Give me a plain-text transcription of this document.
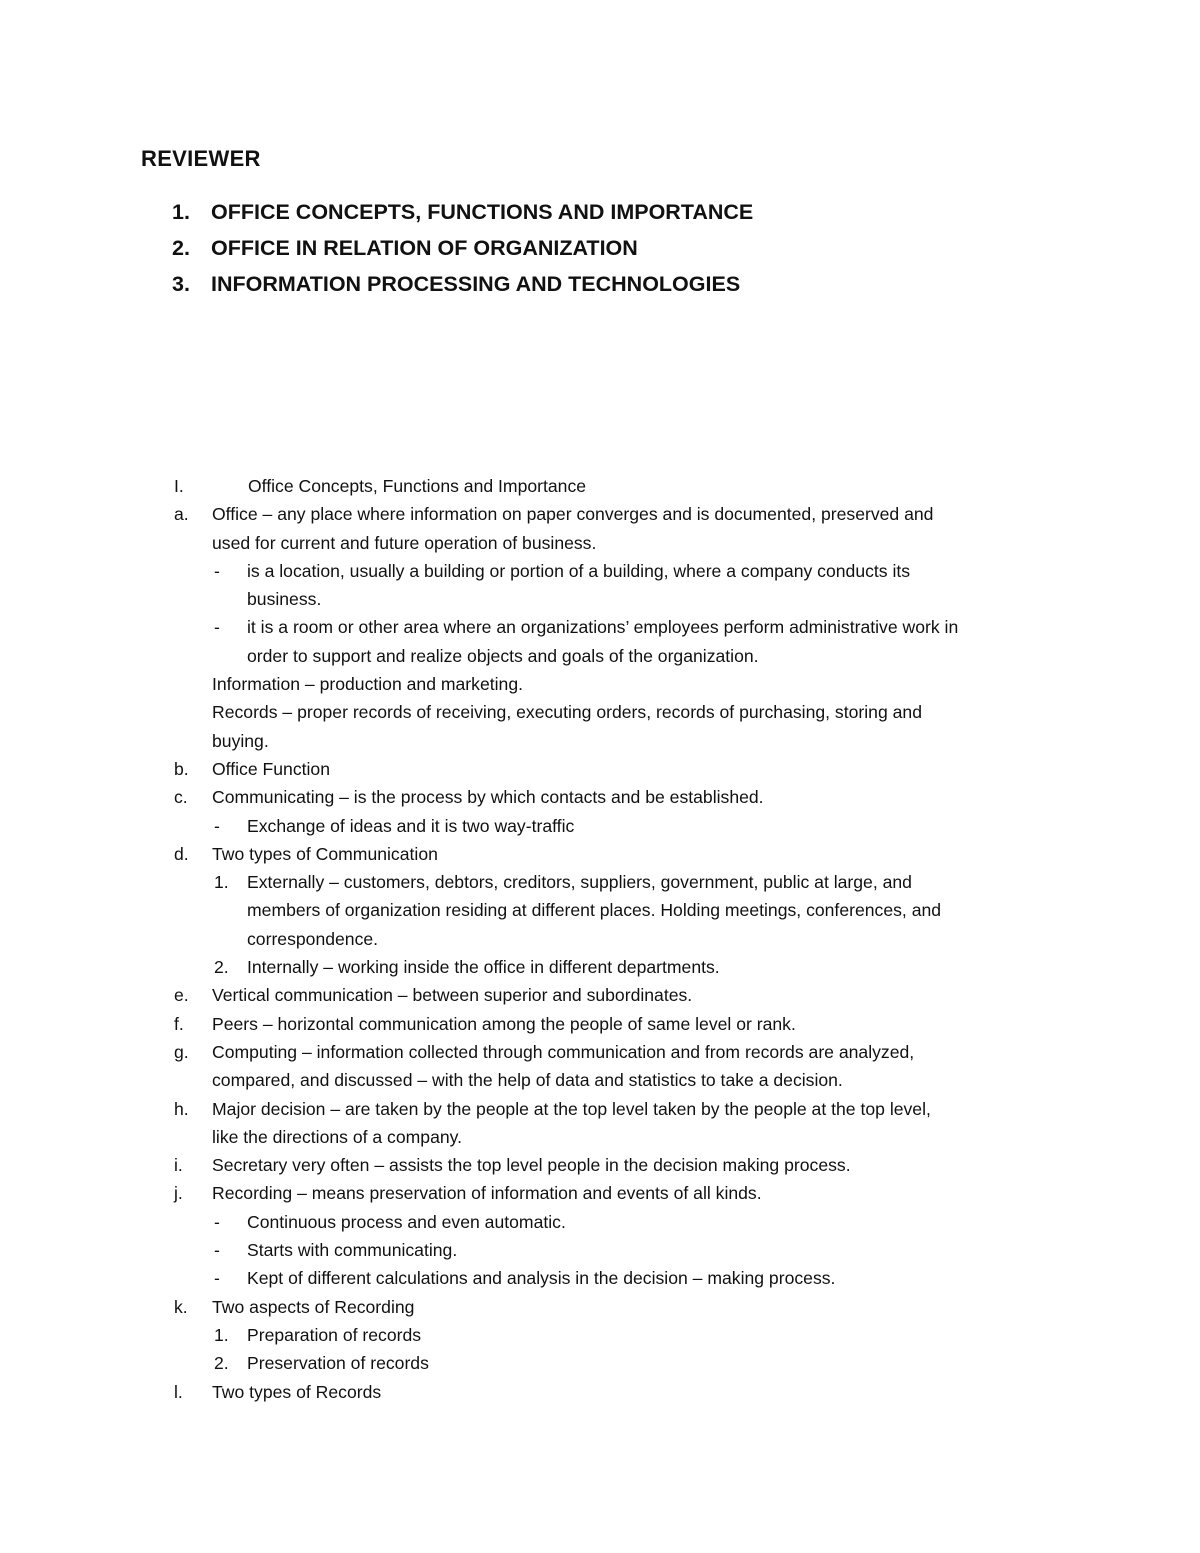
REVIEWER
1. OFFICE CONCEPTS, FUNCTIONS AND IMPORTANCE
2. OFFICE IN RELATION OF ORGANIZATION
3. INFORMATION PROCESSING AND TECHNOLOGIES
I.	Office Concepts, Functions and Importance
a. Office – any place where information on paper converges and is documented, preserved and
used for current and future operation of business.
- is a location, usually a building or portion of a building, where a company conducts its
business.
- it is a room or other area where an organizations’ employees perform administrative work in
order to support and realize objects and goals of the organization.
Information – production and marketing.
Records – proper records of receiving, executing orders, records of purchasing, storing and
buying.
b. Office Function
c. Communicating – is the process by which contacts and be established.
- Exchange of ideas and it is two way-traffic
d. Two types of Communication
1. Externally – customers, debtors, creditors, suppliers, government, public at large, and
members of organization residing at different places. Holding meetings, conferences, and
correspondence.
2. Internally – working inside the office in different departments.
e. Vertical communication – between superior and subordinates.
f. Peers – horizontal communication among the people of same level or rank.
g. Computing – information collected through communication and from records are analyzed,
compared, and discussed – with the help of data and statistics to take a decision.
h. Major decision – are taken by the people at the top level taken by the people at the top level,
like the directions of a company.
i. Secretary very often – assists the top level people in the decision making process.
j. Recording – means preservation of information and events of all kinds.
- Continuous process and even automatic.
- Starts with communicating.
- Kept of different calculations and analysis in the decision – making process.
k. Two aspects of Recording
1. Preparation of records
2. Preservation of records
l. Two types of Records
